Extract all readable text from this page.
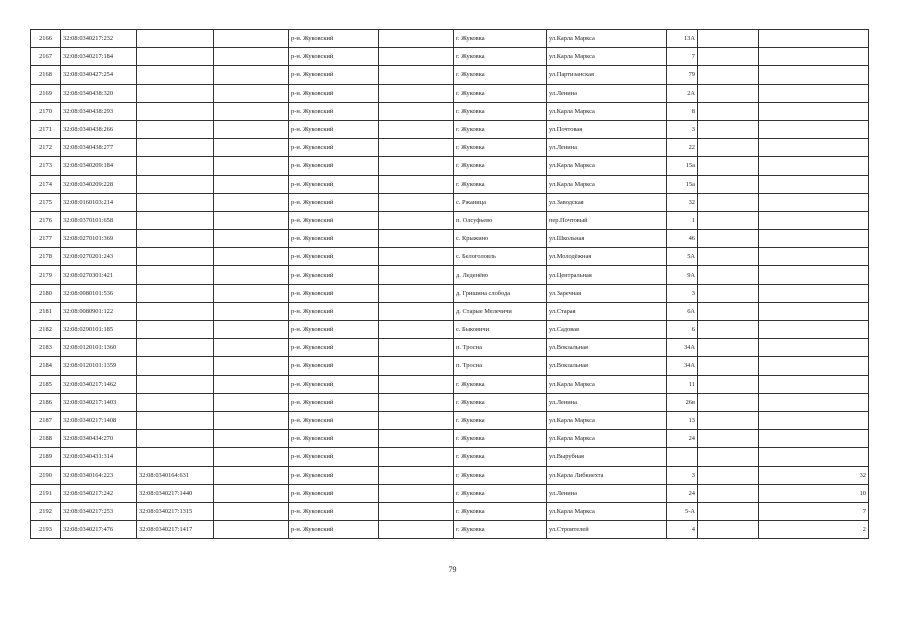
2166	32:08:0340217:232			р-н. Жуковский		г. Жуковка	ул.Карла Маркса	13А		
2167	32:08:0340217:184			р-н. Жуковский		г. Жуковка	ул.Карла Маркса	7		
2168	32:08:0340427:254			р-н. Жуковский		г. Жуковка	ул.Партизанская	79		
2169	32:08:0340438:320			р-н. Жуковский		г. Жуковка	ул.Ленина	2А		
2170	32:08:0340438:293			р-н. Жуковский		г. Жуковка	ул.Карла Маркса	8		
2171	32:08:0340438:266			р-н. Жуковский		г. Жуковка	ул.Почтовая	3		
2172	32:08:0340438:277			р-н. Жуковский		г. Жуковка	ул.Ленина	22		
2173	32:08:0340209:184			р-н. Жуковский		г. Жуковка	ул.Карла Маркса	15а		
2174	32:08:0340209:228			р-н. Жуковский		г. Жуковка	ул.Карла Маркса	15а		
2175	32:08:0160103:214			р-н. Жуковский		с. Ржаница	ул.Заводская	32		
2176	32:08:0370101:658			р-н. Жуковский		п. Олсуфьево	пер.Почтовый	1		
2177	32:08:0270101:369			р-н. Жуковский		с. Крыжино	ул.Школьная	46		
2178	32:08:0270201:243			р-н. Жуковский		с. Белоголовль	ул.Молодёжная	5А		
2179	32:08:0270301:421			р-н. Жуковский		д. Леденёво	ул.Центральная	9А		
2180	32:08:0080101:536			р-н. Жуковский		д. Гришина слобода	ул.Заречная	3		
2181	32:08:0080901:122			р-н. Жуковский		д. Старые Мелечичи	ул.Старая	6А		
2182	32:08:0290101:185			р-н. Жуковский		с. Быковичи	ул.Садовая	6		
2183	32:08:0120101:1360			р-н. Жуковский		п. Тросна	ул.Вокзальная	34А		
2184	32:08:0120101:1359			р-н. Жуковский		п. Тросна	ул.Вокзальная	34А		
2185	32:08:0340217:1462			р-н. Жуковский		г. Жуковка	ул.Карла Маркса	11		
2186	32:08:0340217:1403			р-н. Жуковский		г. Жуковка	ул.Ленина	26в		
2187	32:08:0340217:1408			р-н. Жуковский		г. Жуковка	ул.Карла Маркса	13		
2188	32:08:0340434:270			р-н. Жуковский		г. Жуковка	ул.Карла Маркса	24		
2189	32:08:0340431:314			р-н. Жуковский		г. Жуковка	ул.Вырубная			
2190	32:08:0340164:223	32:08:0340164:631		р-н. Жуковский		г. Жуковка	ул.Карла Либкнехта	3		32
2191	32:08:0340217:242	32:08:0340217:1440		р-н. Жуковский		г. Жуковка	ул.Ленина	24		10
2192	32:08:0340217:253	32:08:0340217:1315		р-н. Жуковский		г. Жуковка	ул.Карла Маркса	5-А		7
2193	32:08:0340217:476	32:08:0340217:1417		р-н. Жуковский		г. Жуковка	ул.Строителей	4		2
79
